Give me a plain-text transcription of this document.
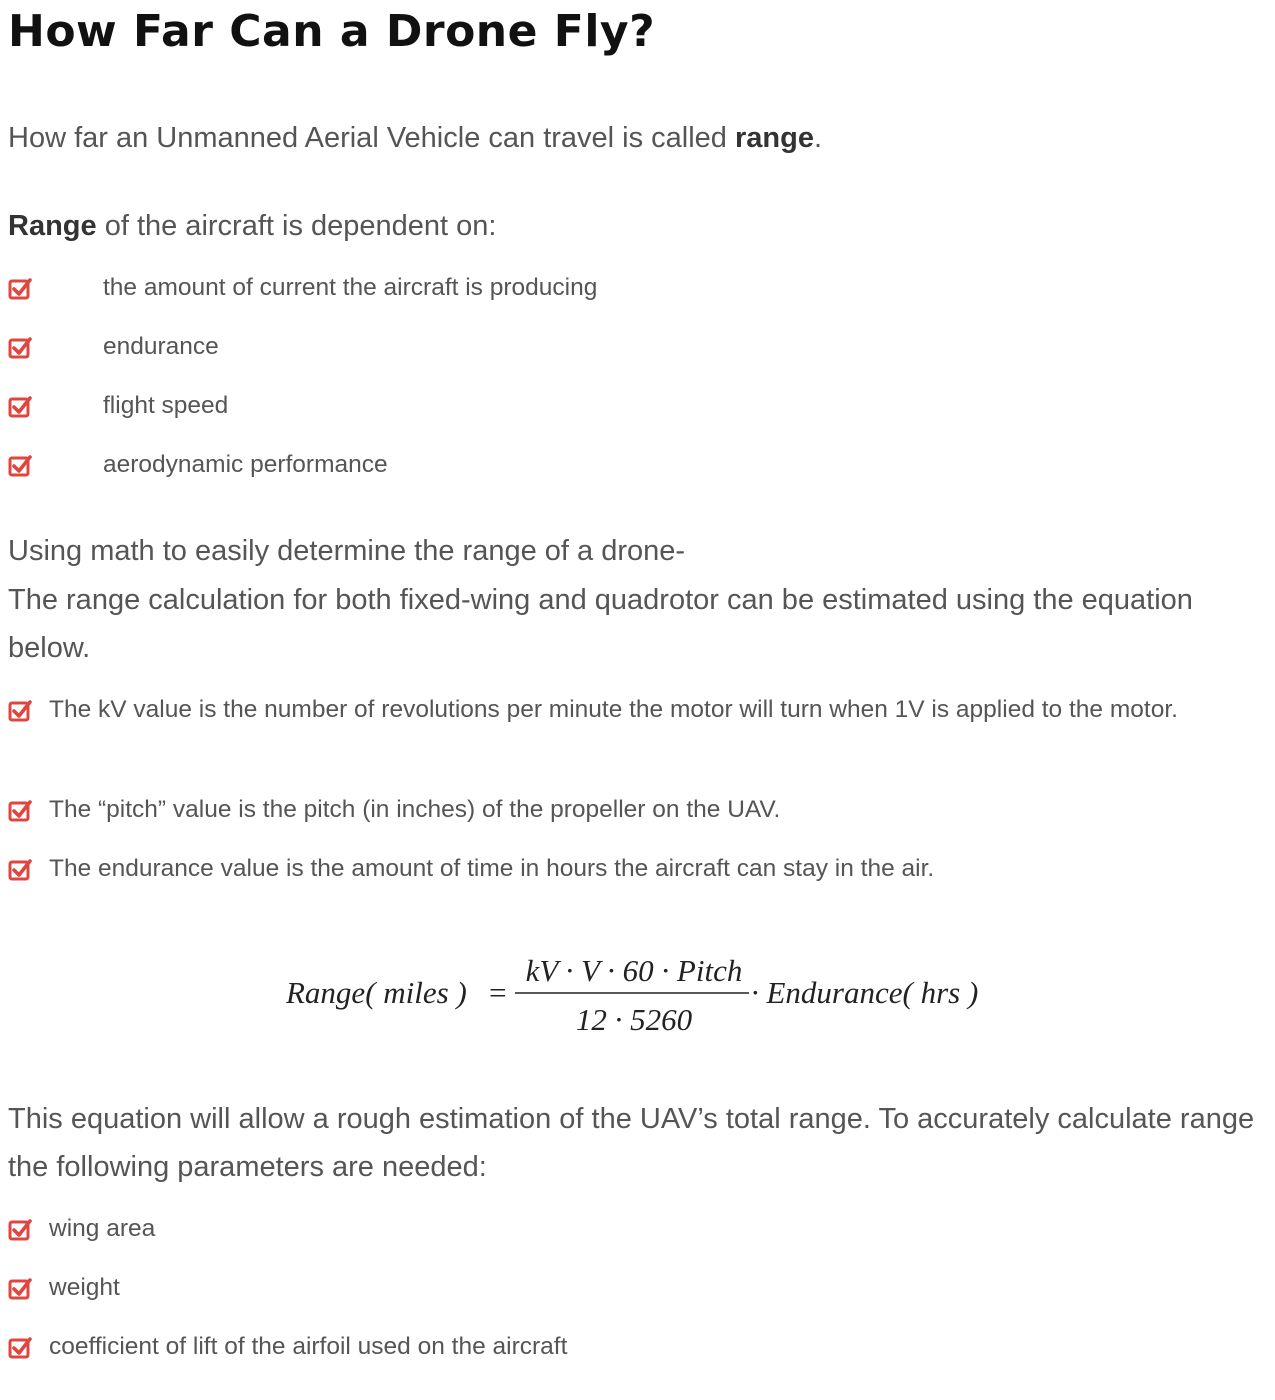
How Far Can a Drone Fly?

How far an Unmanned Aerial Vehicle can travel is called range.

Range of the aircraft is dependent on:

the amount of current the aircraft is producing
endurance
flight speed
aerodynamic performance

Using math to easily determine the range of a drone-

The range calculation for both fixed-wing and quadrotor can be estimated using the equation below.

The kV value is the number of revolutions per minute the motor will turn when 1V is applied to the motor.
The “pitch” value is the pitch (in inches) of the propeller on the UAV.
The endurance value is the amount of time in hours the aircraft can stay in the air.
Range( miles ) =
kV · V · 60 · Pitch
12 · 5260
· Endurance( hrs )

This equation will allow a rough estimation of the UAV’s total range. To accurately calculate range the following parameters are needed:

wing area
weight
coefficient of lift of the airfoil used on the aircraft
